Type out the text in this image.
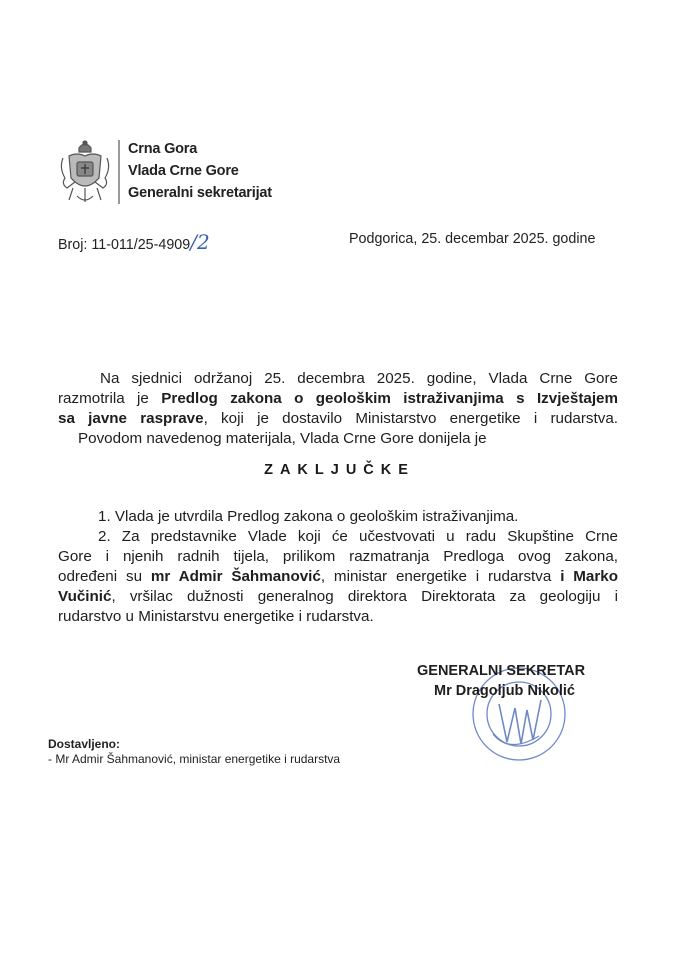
Crna Gora
Vlada Crne Gore
Generalni sekretarijat
Broj: 11-011/25-4909/2	Podgorica, 25. decembar 2025. godine
Na sjednici održanoj 25. decembra 2025. godine, Vlada Crne Gore
razmotrila je Predlog zakona o geološkim istraživanjima s Izvještajem
sa javne rasprave, koji je dostavilo Ministarstvo energetike i rudarstva.
Povodom navedenog materijala, Vlada Crne Gore donijela je
ZAKLJUČKE
1. Vlada je utvrdila Predlog zakona o geološkim istraživanjima.
2. Za predstavnike Vlade koji će učestvovati u radu Skupštine Crne
Gore i njenih radnih tijela, prilikom razmatranja Predloga ovog zakona,
određeni su mr Admir Šahmanović, ministar energetike i rudarstva i Marko
Vučinić, vršilac dužnosti generalnog direktora Direktorata za geologiju i
rudarstvo u Ministarstvu energetike i rudarstva.
GENERALNI SEKRETAR
Mr Dragoljub Nikolić
Dostavljeno:
- Mr Admir Šahmanović, ministar energetike i rudarstva
